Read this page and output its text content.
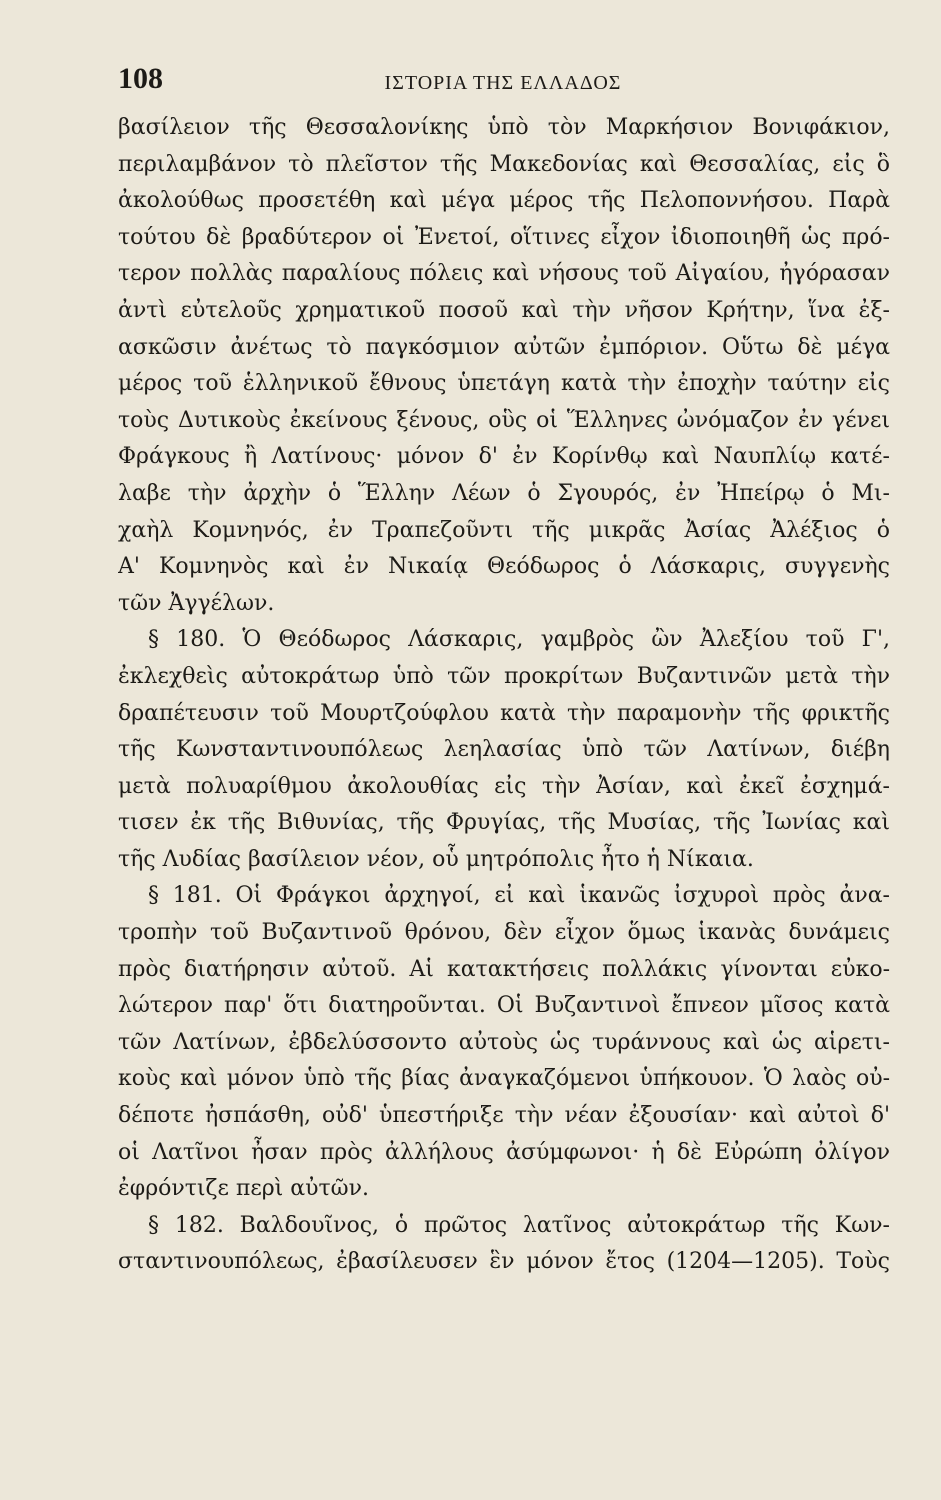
108	ΙΣΤΟΡΙΑ ΤΗΣ ΕΛΛΑΔΟΣ
βασίλειον τῆς Θεσσαλονίκης ὑπὸ τὸν Μαρκήσιον Βονιφάκιον,
περιλαμβάνον τὸ πλεῖστον τῆς Μακεδονίας καὶ Θεσσαλίας, εἰς ὃ
ἀκολούθως προσετέθη καὶ μέγα μέρος τῆς Πελοποννήσου. Παρὰ
τούτου δὲ βραδύτερον οἱ Ἐνετοί, οἵτινες εἶχον ἰδιοποιηθῆ ὡς πρό-
τερον πολλὰς παραλίους πόλεις καὶ νήσους τοῦ Αἰγαίου, ἠγόρασαν
ἀντὶ εὐτελοῦς χρηματικοῦ ποσοῦ καὶ τὴν νῆσον Κρήτην, ἵνα ἐξ-
ασκῶσιν ἀνέτως τὸ παγκόσμιον αὐτῶν ἐμπόριον. Οὕτω δὲ μέγα
μέρος τοῦ ἑλληνικοῦ ἔθνους ὑπετάγη κατὰ τὴν ἐποχὴν ταύτην εἰς
τοὺς Δυτικοὺς ἐκείνους ξένους, οὓς οἱ Ἕλληνες ὠνόμαζον ἐν γένει
Φράγκους ἢ Λατίνους· μόνον δ' ἐν Κορίνθῳ καὶ Ναυπλίῳ κατέ-
λαβε τὴν ἀρχὴν ὁ Ἕλλην Λέων ὁ Σγουρός, ἐν Ἠπείρῳ ὁ Μι-
χαὴλ Κομνηνός, ἐν Τραπεζοῦντι τῆς μικρᾶς Ἀσίας Ἀλέξιος ὁ
Α' Κομνηνὸς καὶ ἐν Νικαίᾳ Θεόδωρος ὁ Λάσκαρις, συγγενὴς
τῶν Ἀγγέλων.
§ 180. Ὁ Θεόδωρος Λάσκαρις, γαμβρὸς ὢν Ἀλεξίου τοῦ Γ',
ἐκλεχθεὶς αὐτοκράτωρ ὑπὸ τῶν προκρίτων Βυζαντινῶν μετὰ τὴν
δραπέτευσιν τοῦ Μουρτζούφλου κατὰ τὴν παραμονὴν τῆς φρικτῆς
τῆς Κωνσταντινουπόλεως λεηλασίας ὑπὸ τῶν Λατίνων, διέβη
μετὰ πολυαρίθμου ἀκολουθίας εἰς τὴν Ἀσίαν, καὶ ἐκεῖ ἐσχημά-
τισεν ἐκ τῆς Βιθυνίας, τῆς Φρυγίας, τῆς Μυσίας, τῆς Ἰωνίας καὶ
τῆς Λυδίας βασίλειον νέον, οὗ μητρόπολις ἦτο ἡ Νίκαια.
§ 181. Οἱ Φράγκοι ἀρχηγοί, εἰ καὶ ἱκανῶς ἰσχυροὶ πρὸς ἀνα-
τροπὴν τοῦ Βυζαντινοῦ θρόνου, δὲν εἶχον ὅμως ἱκανὰς δυνάμεις
πρὸς διατήρησιν αὐτοῦ. Αἱ κατακτήσεις πολλάκις γίνονται εὐκο-
λώτερον παρ' ὅτι διατηροῦνται. Οἱ Βυζαντινοὶ ἔπνεον μῖσος κατὰ
τῶν Λατίνων, ἐβδελύσσοντο αὐτοὺς ὡς τυράννους καὶ ὡς αἱρετι-
κοὺς καὶ μόνον ὑπὸ τῆς βίας ἀναγκαζόμενοι ὑπήκουον. Ὁ λαὸς οὐ-
δέποτε ἠσπάσθη, οὐδ' ὑπεστήριξε τὴν νέαν ἐξουσίαν· καὶ αὐτοὶ δ'
οἱ Λατῖνοι ἦσαν πρὸς ἀλλήλους ἀσύμφωνοι· ἡ δὲ Εὐρώπη ὀλίγον
ἐφρόντιζε περὶ αὐτῶν.
§ 182. Βαλδουῖνος, ὁ πρῶτος λατῖνος αὐτοκράτωρ τῆς Κων-
σταντινουπόλεως, ἐβασίλευσεν ἓν μόνον ἔτος (1204—1205). Τοὺς
